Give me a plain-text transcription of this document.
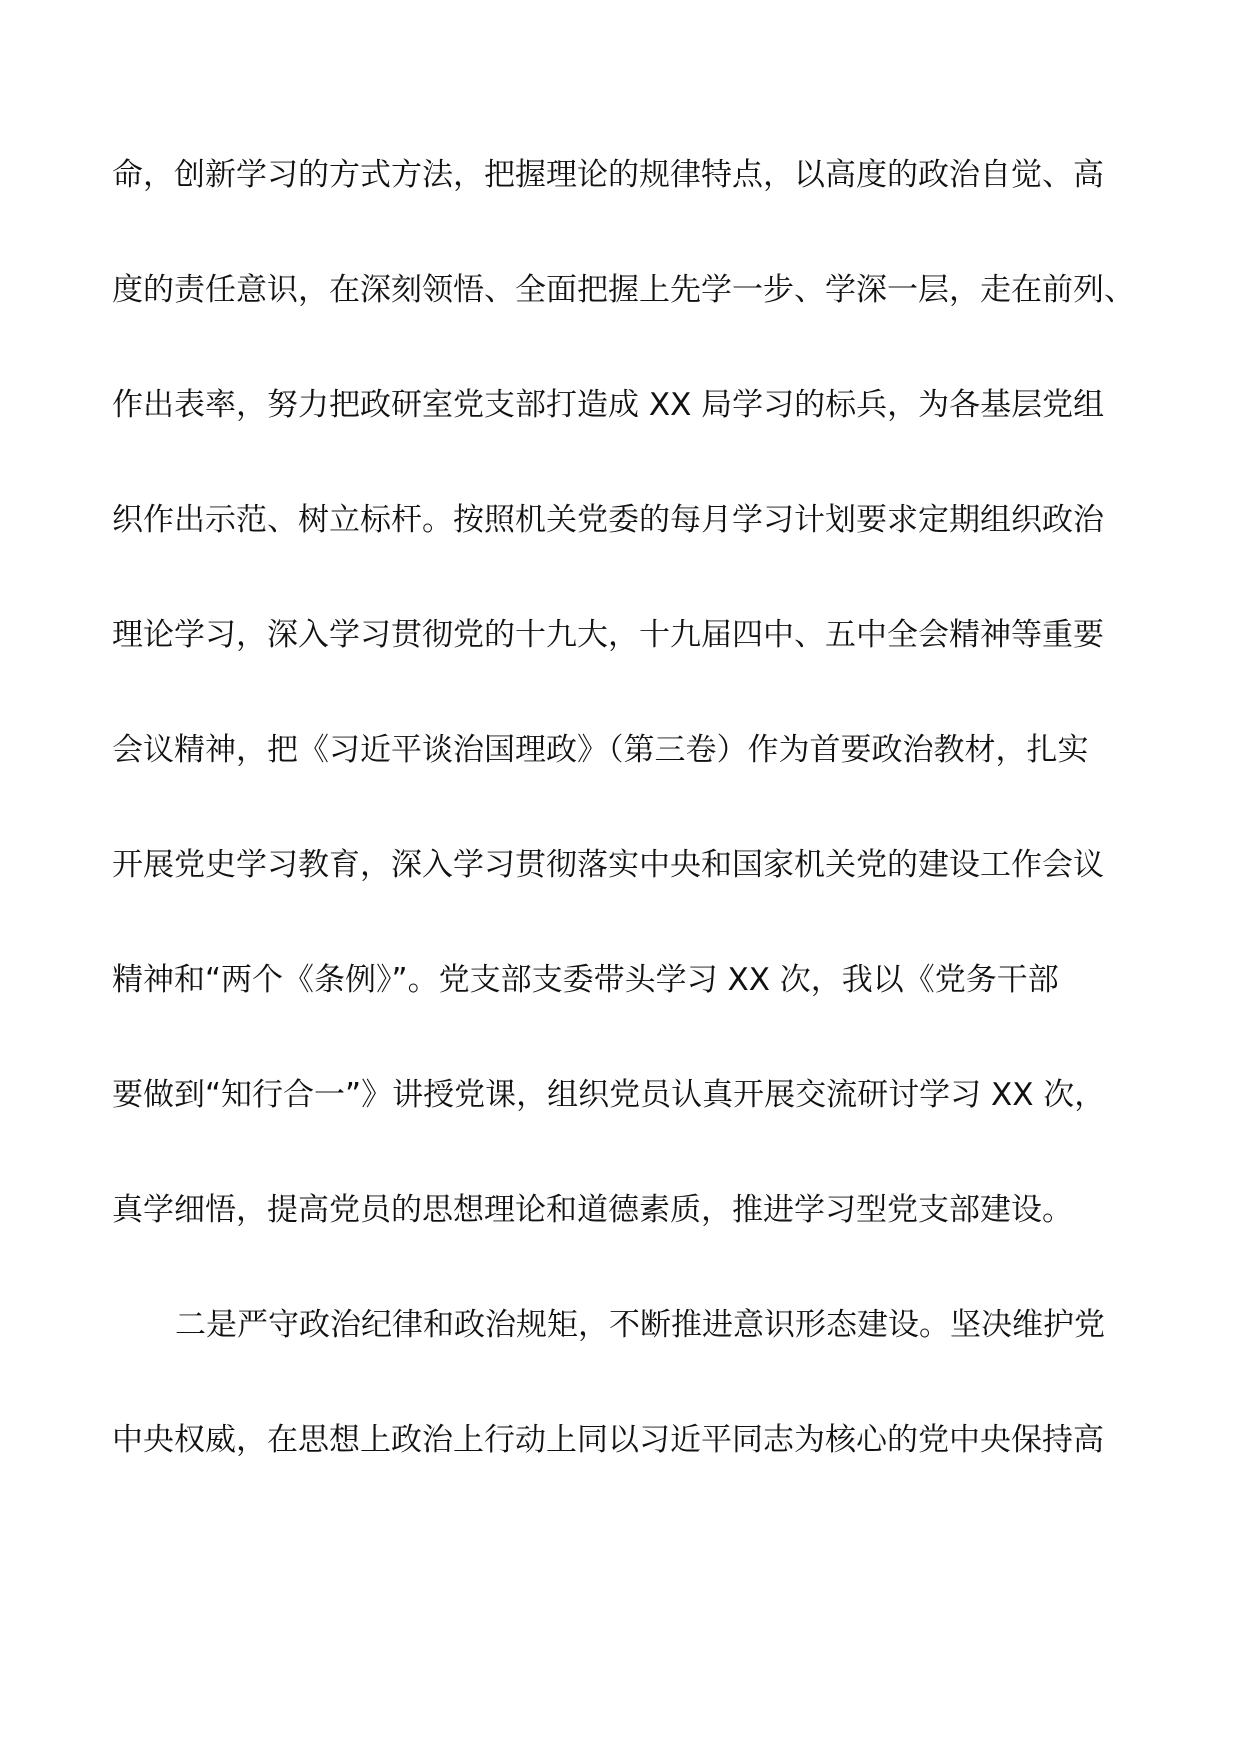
命，创新学习的方式方法，把握理论的规律特点，以高度的政治自觉、高
度的责任意识，在深刻领悟、全面把握上先学一步、学深一层，走在前列、
作出表率，努力把政研室党支部打造成 XX 局学习的标兵，为各基层党组
织作出示范、树立标杆。按照机关党委的每月学习计划要求定期组织政治
理论学习，深入学习贯彻党的十九大，十九届四中、五中全会精神等重要
会议精神，把《习近平谈治国理政》（第三卷）作为首要政治教材，扎实
开展党史学习教育，深入学习贯彻落实中央和国家机关党的建设工作会议
精神和“两个《条例》”。党支部支委带头学习 XX 次，我以《党务干部
要做到“知行合一”》讲授党课，组织党员认真开展交流研讨学习 XX 次，
真学细悟，提高党员的思想理论和道德素质，推进学习型党支部建设。
二是严守政治纪律和政治规矩，不断推进意识形态建设。坚决维护党
中央权威，在思想上政治上行动上同以习近平同志为核心的党中央保持高
